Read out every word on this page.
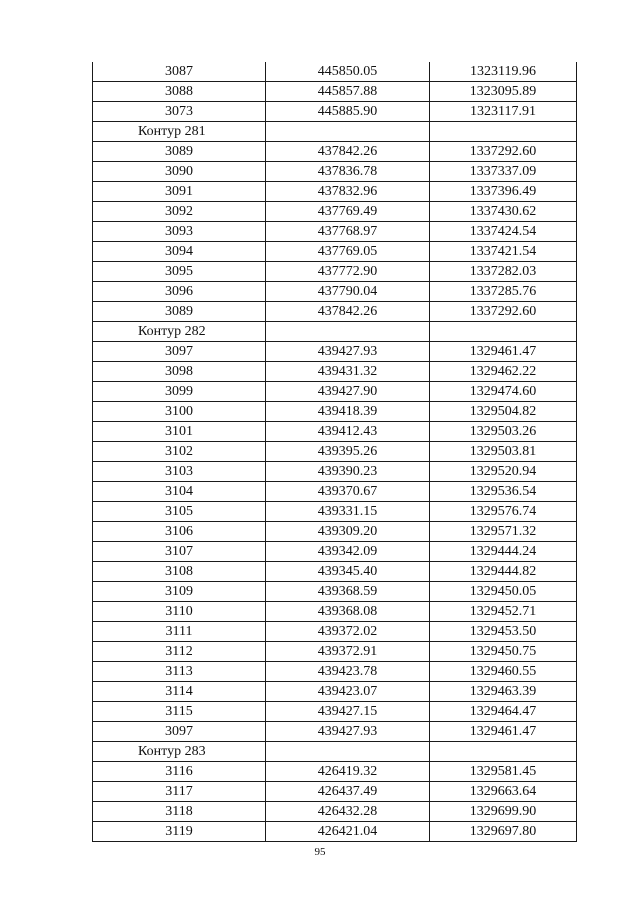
3087	445850.05	1323119.96
3088	445857.88	1323095.89
3073	445885.90	1323117.91
Контур 281		
3089	437842.26	1337292.60
3090	437836.78	1337337.09
3091	437832.96	1337396.49
3092	437769.49	1337430.62
3093	437768.97	1337424.54
3094	437769.05	1337421.54
3095	437772.90	1337282.03
3096	437790.04	1337285.76
3089	437842.26	1337292.60
Контур 282		
3097	439427.93	1329461.47
3098	439431.32	1329462.22
3099	439427.90	1329474.60
3100	439418.39	1329504.82
3101	439412.43	1329503.26
3102	439395.26	1329503.81
3103	439390.23	1329520.94
3104	439370.67	1329536.54
3105	439331.15	1329576.74
3106	439309.20	1329571.32
3107	439342.09	1329444.24
3108	439345.40	1329444.82
3109	439368.59	1329450.05
3110	439368.08	1329452.71
3111	439372.02	1329453.50
3112	439372.91	1329450.75
3113	439423.78	1329460.55
3114	439423.07	1329463.39
3115	439427.15	1329464.47
3097	439427.93	1329461.47
Контур 283		
3116	426419.32	1329581.45
3117	426437.49	1329663.64
3118	426432.28	1329699.90
3119	426421.04	1329697.80
95
